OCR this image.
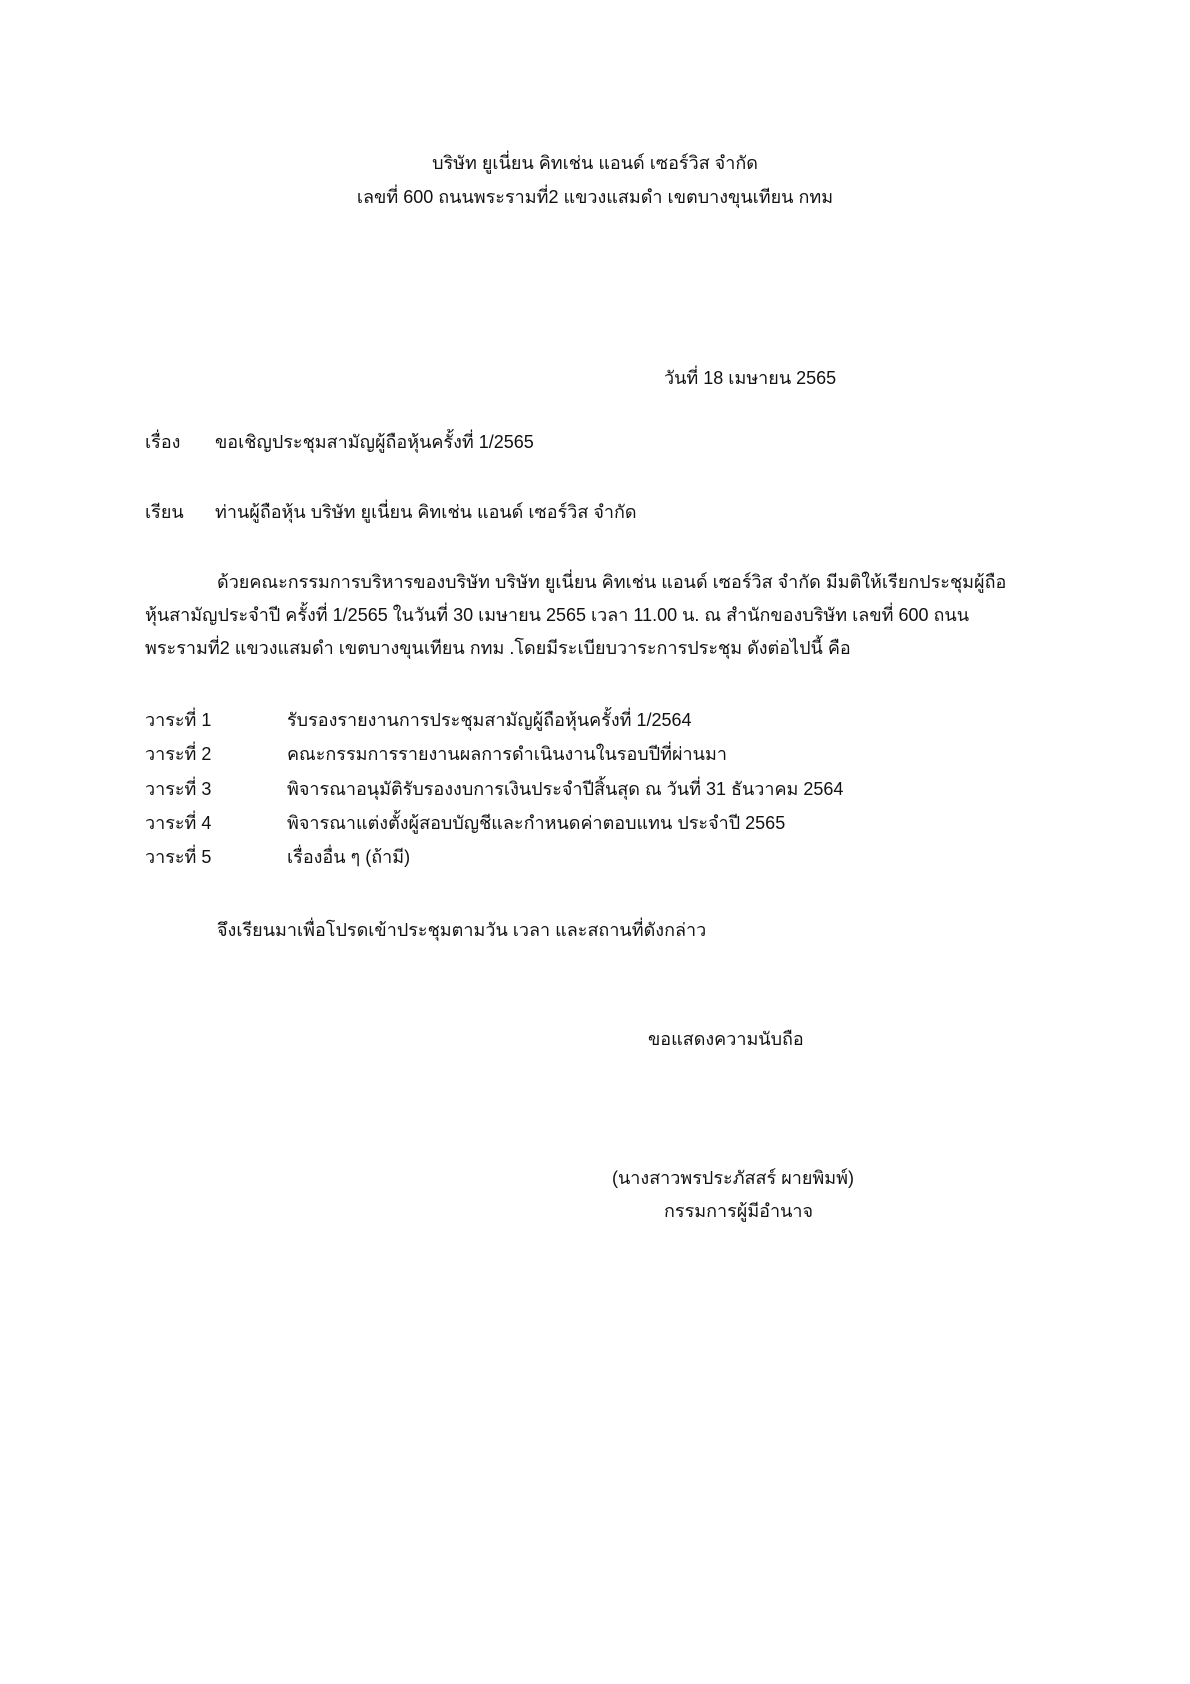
บริษัท ยูเนี่ยน คิทเช่น แอนด์ เซอร์วิส จำกัด
เลขที่ 600 ถนนพระรามที่2 แขวงแสมดำ เขตบางขุนเทียน กทม
วันที่ 18 เมษายน 2565
เรื่อง ขอเชิญประชุมสามัญผู้ถือหุ้นครั้งที่ 1/2565
เรียน ท่านผู้ถือหุ้น บริษัท ยูเนี่ยน คิทเช่น แอนด์ เซอร์วิส จำกัด
ด้วยคณะกรรมการบริหารของบริษัท บริษัท ยูเนี่ยน คิทเช่น แอนด์ เซอร์วิส จำกัด มีมติให้เรียกประชุมผู้ถือ
หุ้นสามัญประจำปี ครั้งที่ 1/2565 ในวันที่ 30 เมษายน 2565 เวลา 11.00 น. ณ สำนักของบริษัท เลขที่ 600 ถนน
พระรามที่2 แขวงแสมดำ เขตบางขุนเทียน กทม .โดยมีระเบียบวาระการประชุม ดังต่อไปนี้ คือ
วาระที่ 1	รับรองรายงานการประชุมสามัญผู้ถือหุ้นครั้งที่ 1/2564
วาระที่ 2	คณะกรรมการรายงานผลการดำเนินงานในรอบปีที่ผ่านมา
วาระที่ 3	พิจารณาอนุมัติรับรองงบการเงินประจำปีสิ้นสุด ณ วันที่ 31 ธันวาคม 2564
วาระที่ 4	พิจารณาแต่งตั้งผู้สอบบัญชีและกำหนดค่าตอบแทน ประจำปี 2565
วาระที่ 5	เรื่องอื่น ๆ (ถ้ามี)
จึงเรียนมาเพื่อโปรดเข้าประชุมตามวัน เวลา และสถานที่ดังกล่าว
ขอแสดงความนับถือ
(นางสาวพรประภัสสร์ ผายพิมพ์)
กรรมการผู้มีอำนาจ
